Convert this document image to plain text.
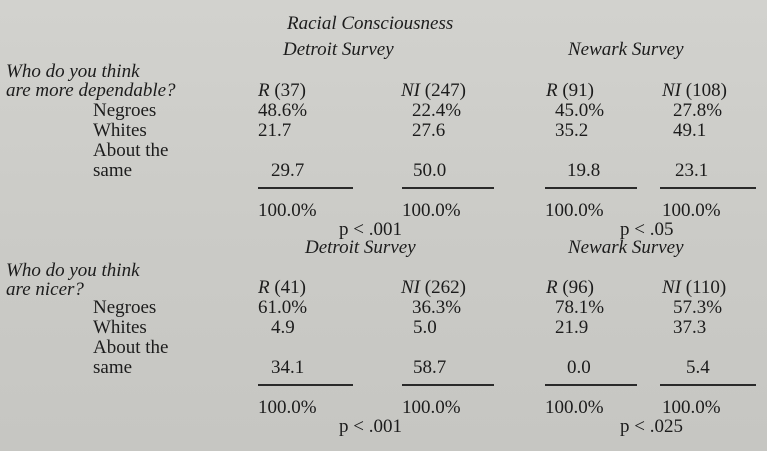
Racial Consciousness
Detroit Survey	Newark Survey
Who do you think
are more dependable?	R (37)	NI (247)	R (91)	NI (108)
Negroes	48.6%	22.4%	45.0%	27.8%
Whites	21.7	27.6	35.2	49.1
About the
same	29.7	50.0	19.8	23.1
100.0%	100.0%	100.0%	100.0%
p < .001	p < .05
Detroit Survey	Newark Survey
Who do you think
are nicer?	R (41)	NI (262)	R (96)	NI (110)
Negroes	61.0%	36.3%	78.1%	57.3%
Whites	4.9	5.0	21.9	37.3
About the
same	34.1	58.7	0.0	5.4
100.0%	100.0%	100.0%	100.0%
p < .001	p < .025
